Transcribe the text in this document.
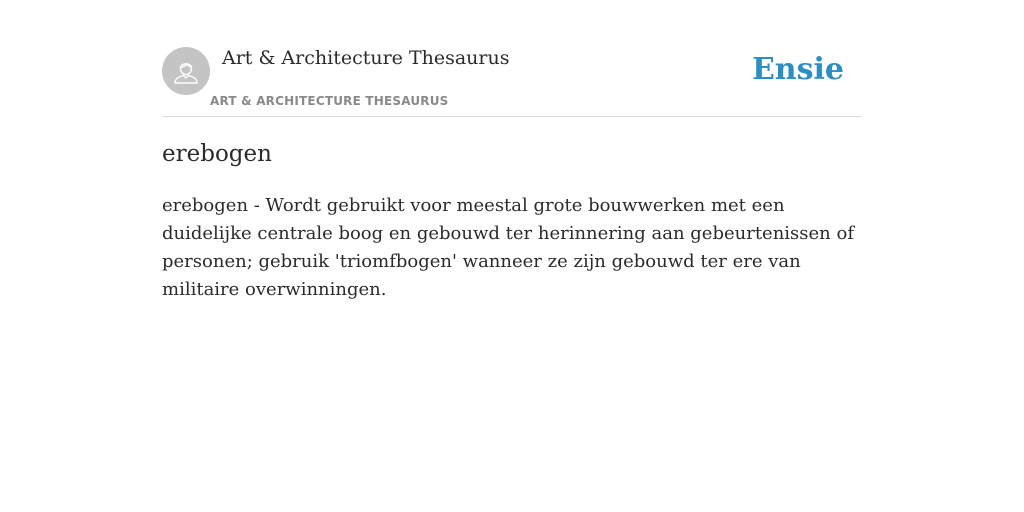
Art & Architecture Thesaurus
ART & ARCHITECTURE THESAURUS
Ensie
erebogen

erebogen - Wordt gebruikt voor meestal grote bouwwerken met een duidelijke centrale boog en gebouwd ter herinnering aan gebeurtenissen of personen; gebruik 'triomfbogen' wanneer ze zijn gebouwd ter ere van militaire overwinningen.
